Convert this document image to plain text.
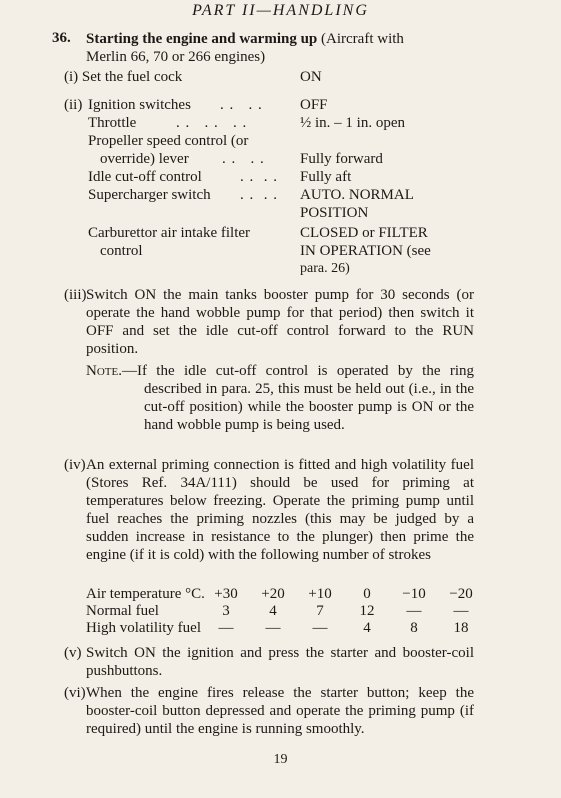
PART II—HANDLING
36. Starting the engine and warming up (Aircraft with
Merlin 66, 70 or 266 engines)
(i) Set the fuel cock	ON
(ii) Ignition switches . .   . . OFF
Throttle	. .   . .   . .	½ in. – 1 in. open
Propeller speed control (or
override) lever . .   . . Fully forward
Idle cut-off control	. .  . . Fully aft
Supercharger switch . .  . . AUTO. NORMAL
POSITION
Carburettor air intake filter	CLOSED or FILTER
control	IN OPERATION (see
para. 26)
(iii) Switch ON the main tanks booster pump for 30 seconds (or operate the hand wobble pump for that period) then switch it OFF and set the idle cut-off control forward to the RUN position.
Note.—If the idle cut-off control is operated by the ring described in para. 25, this must be held out (i.e., in the cut-off position) while the booster pump is ON or the hand wobble pump is being used.
(iv) An external priming connection is fitted and high volatility fuel (Stores Ref. 34A/111) should be used for priming at temperatures below freezing. Operate the priming pump until fuel reaches the priming nozzles (this may be judged by a sudden increase in resistance to the plunger) then prime the engine (if it is cold) with the following number of strokes
Air temperature °C. +30	+20	+10	0	−10	−20
Normal fuel	3	4	7	12	—	—
High volatility fuel	—	—	—	4	8	18
(v) Switch ON the ignition and press the starter and booster-coil pushbuttons.
(vi) When the engine fires release the starter button; keep the booster-coil button depressed and operate the priming pump (if required) until the engine is running smoothly.
19
